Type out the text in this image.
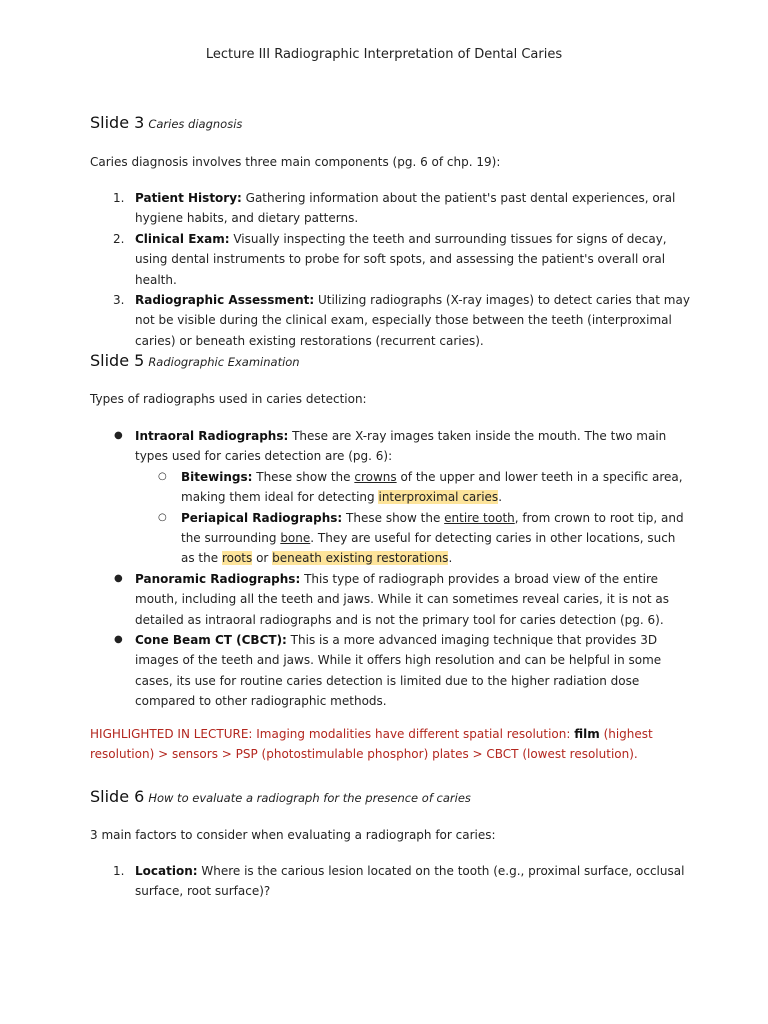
Lecture III Radiographic Interpretation of Dental Caries
Slide 3 Caries diagnosis
Caries diagnosis involves three main components (pg. 6 of chp. 19):
1. Patient History: Gathering information about the patient's past dental experiences, oral hygiene habits, and dietary patterns.
2. Clinical Exam: Visually inspecting the teeth and surrounding tissues for signs of decay, using dental instruments to probe for soft spots, and assessing the patient's overall oral health.
3. Radiographic Assessment: Utilizing radiographs (X-ray images) to detect caries that may not be visible during the clinical exam, especially those between the teeth (interproximal caries) or beneath existing restorations (recurrent caries).
Slide 5 Radiographic Examination
Types of radiographs used in caries detection:
● Intraoral Radiographs: These are X-ray images taken inside the mouth. The two main types used for caries detection are (pg. 6):
○ Bitewings: These show the crowns of the upper and lower teeth in a specific area, making them ideal for detecting interproximal caries.
○ Periapical Radiographs: These show the entire tooth, from crown to root tip, and the surrounding bone. They are useful for detecting caries in other locations, such as the roots or beneath existing restorations.
● Panoramic Radiographs: This type of radiograph provides a broad view of the entire mouth, including all the teeth and jaws. While it can sometimes reveal caries, it is not as detailed as intraoral radiographs and is not the primary tool for caries detection (pg. 6).
● Cone Beam CT (CBCT): This is a more advanced imaging technique that provides 3D images of the teeth and jaws. While it offers high resolution and can be helpful in some cases, its use for routine caries detection is limited due to the higher radiation dose compared to other radiographic methods.
HIGHLIGHTED IN LECTURE: Imaging modalities have different spatial resolution: film (highest resolution) > sensors > PSP (photostimulable phosphor) plates > CBCT (lowest resolution).
Slide 6 How to evaluate a radiograph for the presence of caries
3 main factors to consider when evaluating a radiograph for caries:
1. Location: Where is the carious lesion located on the tooth (e.g., proximal surface, occlusal surface, root surface)?
